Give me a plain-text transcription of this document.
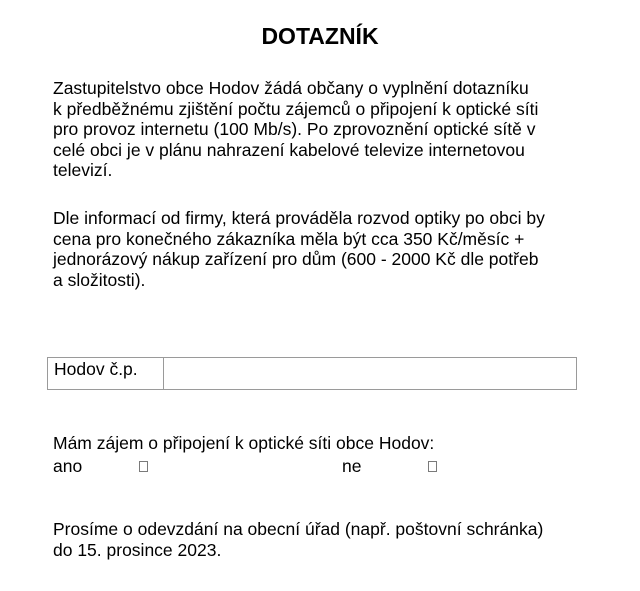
DOTAZNÍK

Zastupitelstvo obce Hodov žádá občany o vyplnění dotazníku
k předběžnému zjištění počtu zájemců o připojení k optické síti
pro provoz internetu (100 Mb/s). Po zprovoznění optické sítě v
celé obci je v plánu nahrazení kabelové televize internetovou
televizí.

Dle informací od firmy, která prováděla rozvod optiky po obci by
cena pro konečného zákazníka měla být cca 350 Kč/měsíc +
jednorázový nákup zařízení pro dům (600 - 2000 Kč dle potřeb
a složitosti).

Hodov č.p.

Mám zájem o připojení k optické síti obce Hodov:

ano	ne

Prosíme o odevzdání na obecní úřad (např. poštovní schránka)
do 15. prosince 2023.
